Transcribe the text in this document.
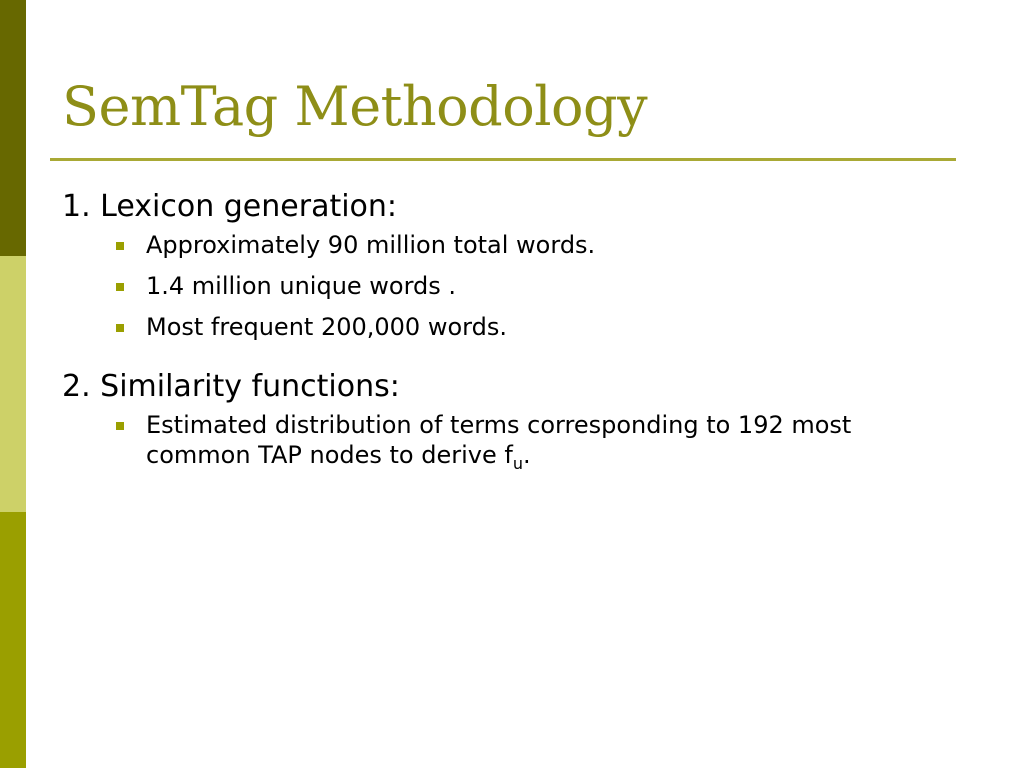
SemTag Methodology
1. Lexicon generation:
Approximately 90 million total words.
1.4 million unique words .
Most frequent 200,000 words.
2. Similarity functions:
Estimated distribution of terms corresponding to 192 most common TAP nodes to derive $f_u$.
